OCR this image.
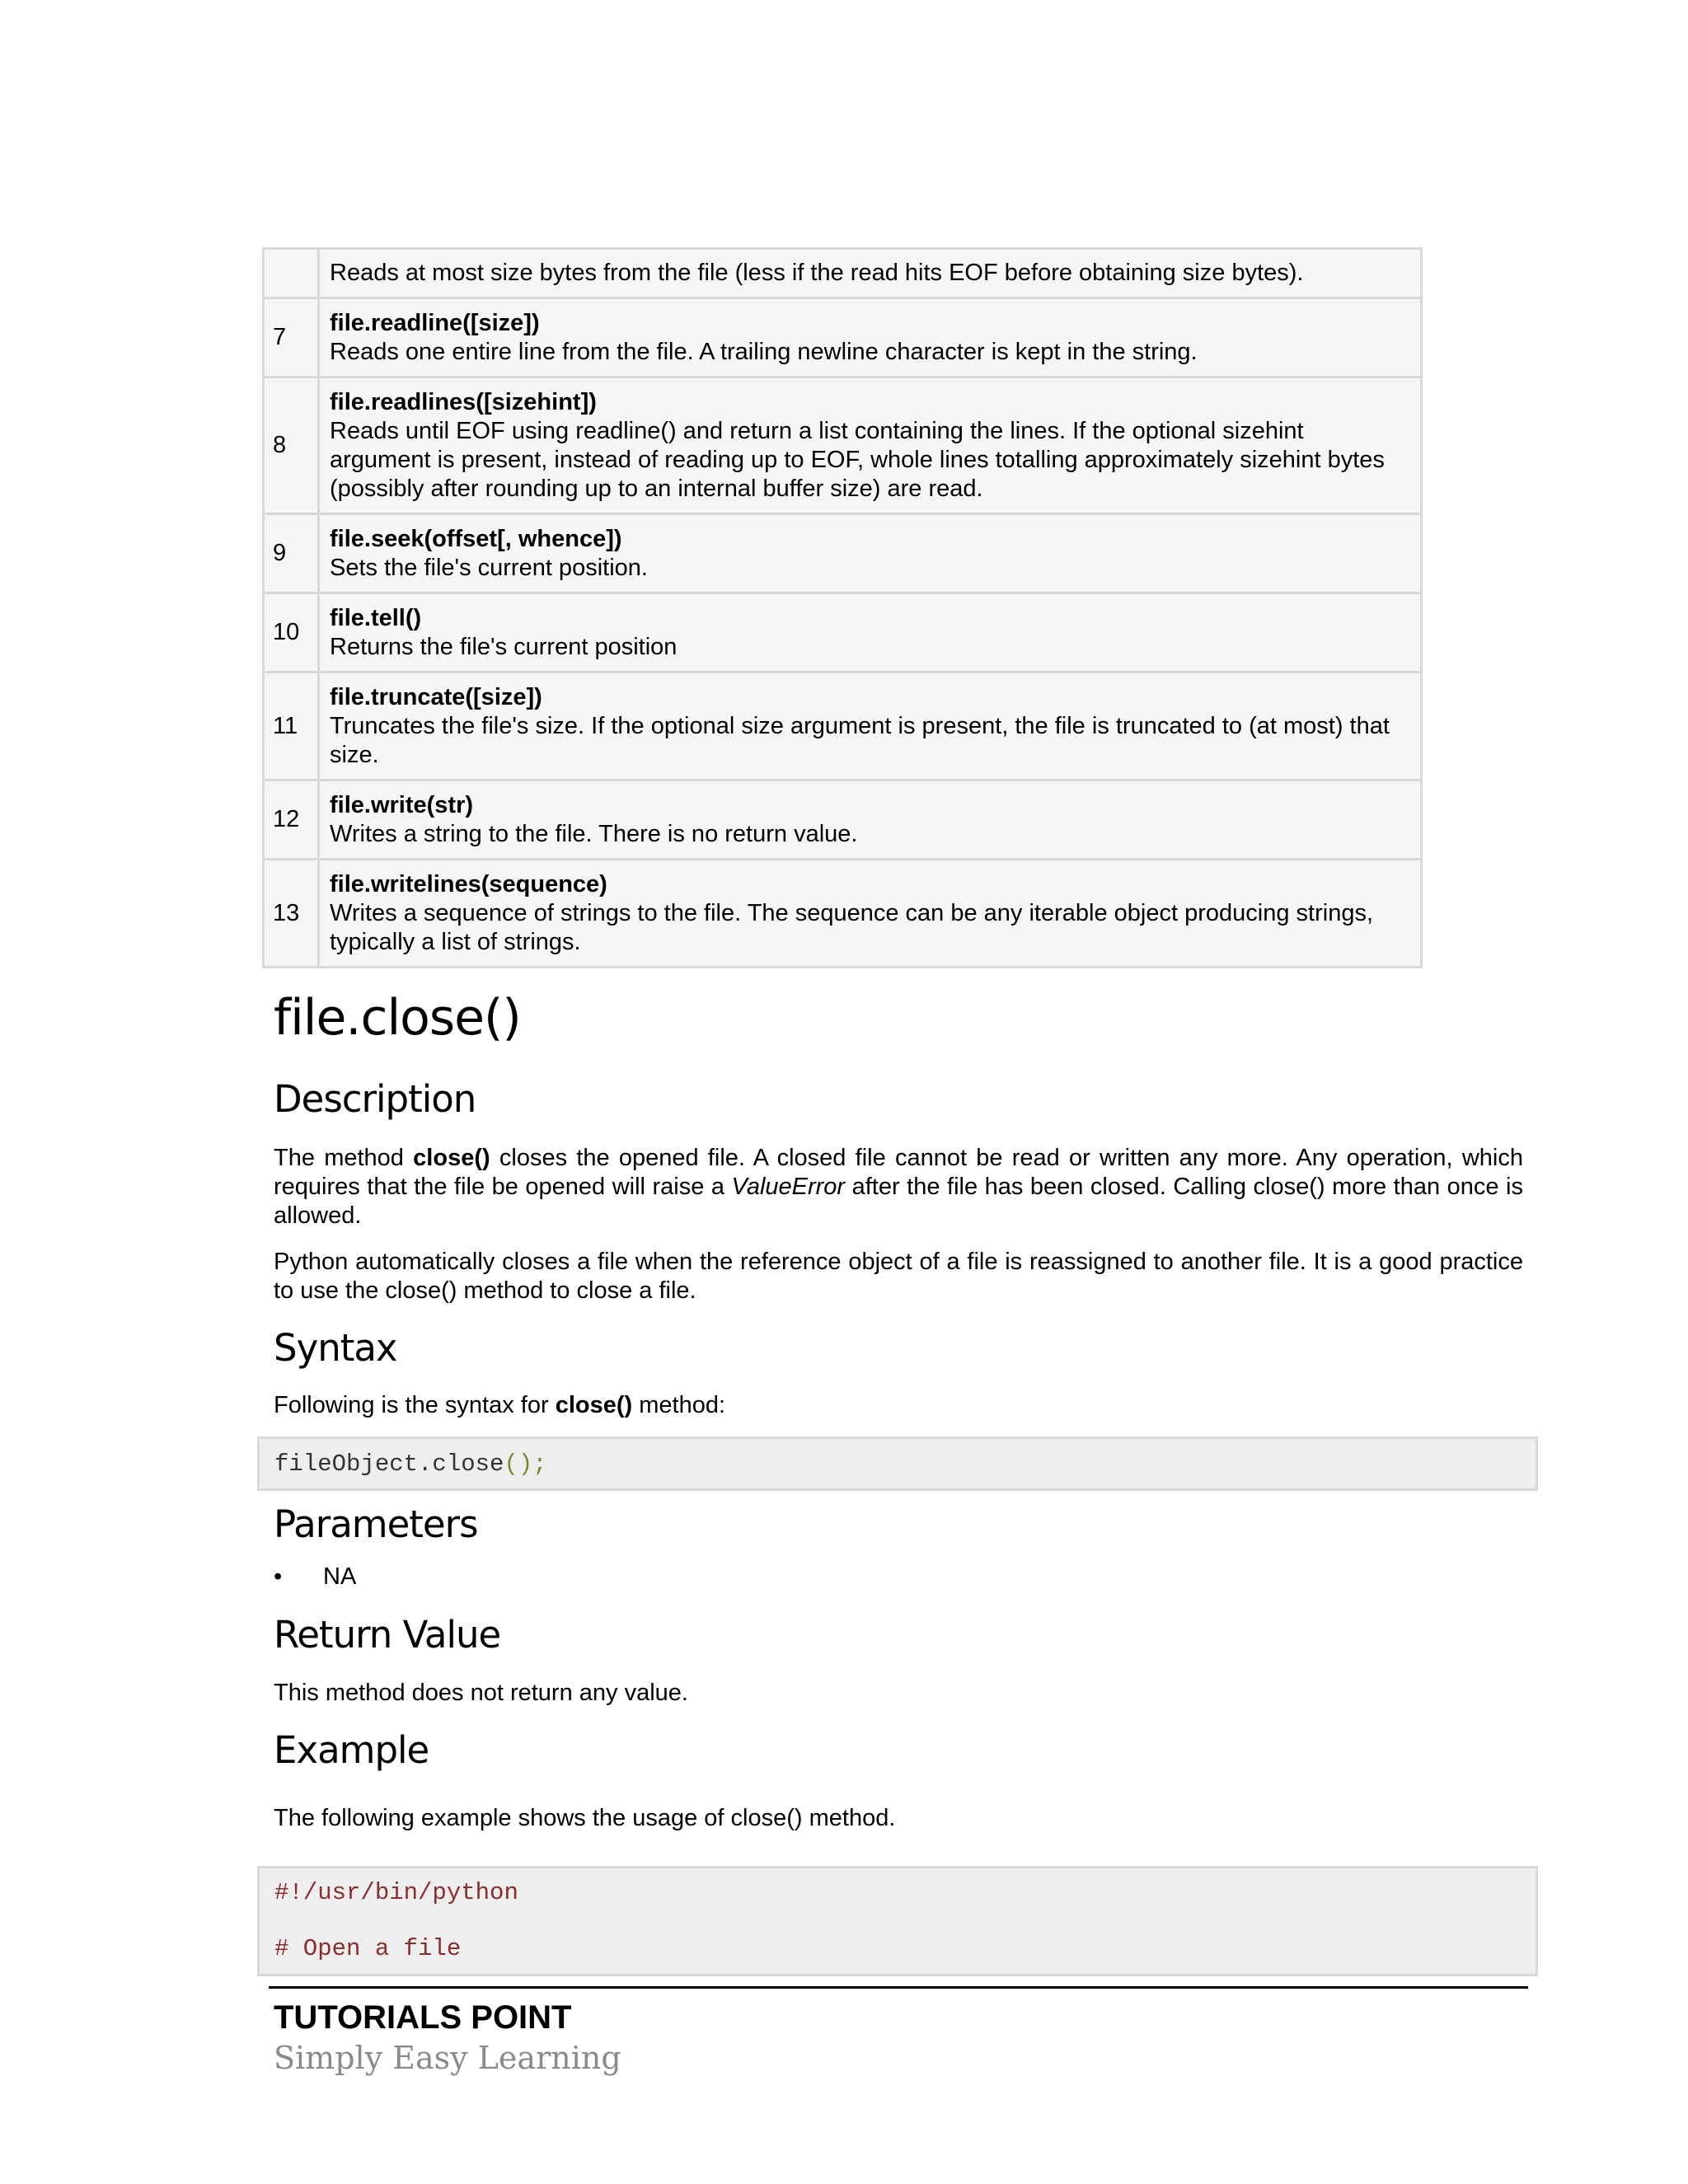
	Reads at most size bytes from the file (less if the read hits EOF before obtaining size bytes).

7	file.readline([size])
Reads one entire line from the file. A trailing newline character is kept in the string.

8	file.readlines([sizehint])
Reads until EOF using readline() and return a list containing the lines. If the optional sizehint argument is present, instead of reading up to EOF, whole lines totalling approximately sizehint bytes (possibly after rounding up to an internal buffer size) are read.

9	file.seek(offset[, whence])
Sets the file's current position.

10	file.tell()
Returns the file's current position

11	file.truncate([size])
Truncates the file's size. If the optional size argument is present, the file is truncated to (at most) that size.

12	file.write(str)
Writes a string to the file. There is no return value.

13	file.writelines(sequence)
Writes a sequence of strings to the file. The sequence can be any iterable object producing strings, typically a list of strings.
file.close()
Description

The method close() closes the opened file. A closed file cannot be read or written any more. Any operation, which requires that the file be opened will raise a ValueError after the file has been closed. Calling close() more than once is allowed.

Python automatically closes a file when the reference object of a file is reassigned to another file. It is a good practice to use the close() method to close a file.

Syntax

Following is the syntax for close() method:

fileObject.close();
Parameters
• NA
Return Value

This method does not return any value.

Example

The following example shows the usage of close() method.

#!/usr/bin/python
# Open a file

TUTORIALS POINT

Simply Easy Learning
